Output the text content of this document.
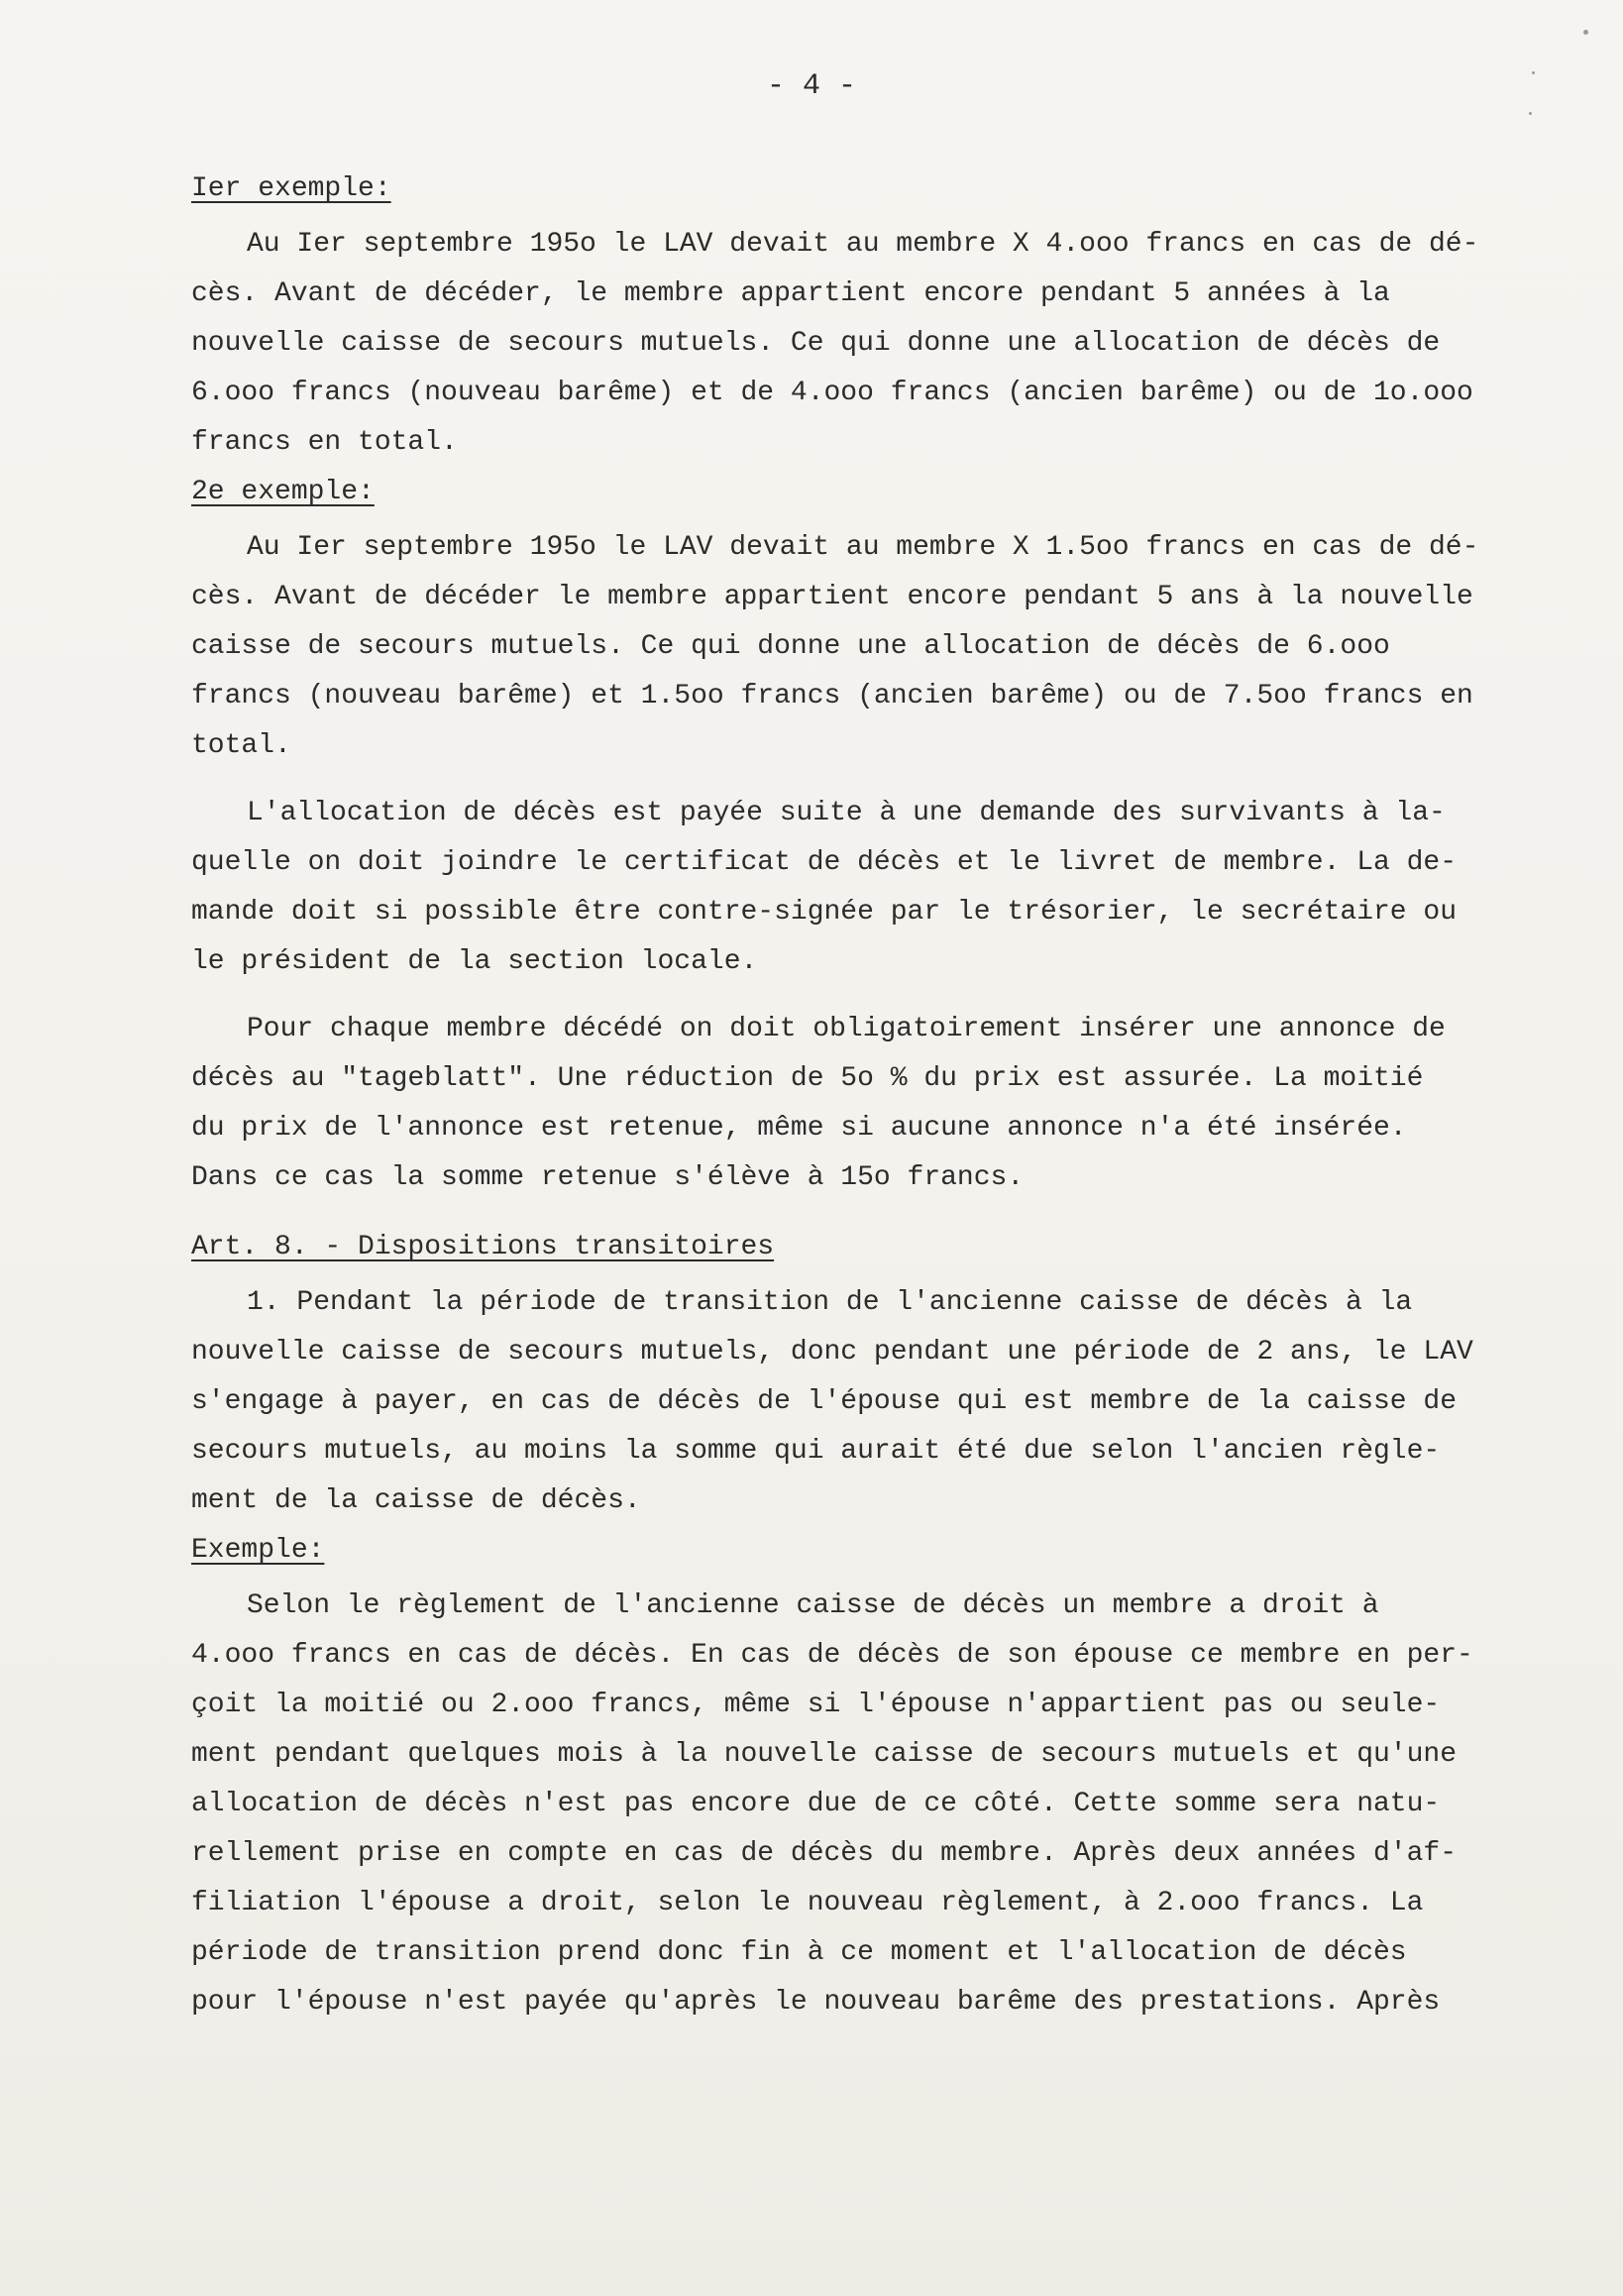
- 4 -
Ier exemple:
Au Ier septembre 195o le LAV devait au membre X 4.ooo francs en cas de dé-
cès. Avant de décéder, le membre appartient encore pendant 5 années à la
nouvelle caisse de secours mutuels. Ce qui donne une allocation de décès de
6.ooo francs (nouveau barême) et de 4.ooo francs (ancien barême) ou de 1o.ooo
francs en total.
2e exemple:
Au Ier septembre 195o le LAV devait au membre X 1.5oo francs en cas de dé-
cès. Avant de décéder le membre appartient encore pendant 5 ans à la nouvelle
caisse de secours mutuels. Ce qui donne une allocation de décès de 6.ooo
francs (nouveau barême) et 1.5oo francs (ancien barême) ou de 7.5oo francs en
total.
L'allocation de décès est payée suite à une demande des survivants à la-
quelle on doit joindre le certificat de décès et le livret de membre. La de-
mande doit si possible être contre-signée par le trésorier, le secrétaire ou
le président de la section locale.
Pour chaque membre décédé on doit obligatoirement insérer une annonce de
décès au "tageblatt". Une réduction de 5o % du prix est assurée. La moitié
du prix de l'annonce est retenue, même si aucune annonce n'a été insérée.
Dans ce cas la somme retenue s'élève à 15o francs.
Art. 8. - Dispositions transitoires
1. Pendant la période de transition de l'ancienne caisse de décès à la
nouvelle caisse de secours mutuels, donc pendant une période de 2 ans, le LAV
s'engage à payer, en cas de décès de l'épouse qui est membre de la caisse de
secours mutuels, au moins la somme qui aurait été due selon l'ancien règle-
ment de la caisse de décès.
Exemple:
Selon le règlement de l'ancienne caisse de décès un membre a droit à
4.ooo francs en cas de décès. En cas de décès de son épouse ce membre en per-
çoit la moitié ou 2.ooo francs, même si l'épouse n'appartient pas ou seule-
ment pendant quelques mois à la nouvelle caisse de secours mutuels et qu'une
allocation de décès n'est pas encore due de ce côté. Cette somme sera natu-
rellement prise en compte en cas de décès du membre. Après deux années d'af-
filiation l'épouse a droit, selon le nouveau règlement, à 2.ooo francs. La
période de transition prend donc fin à ce moment et l'allocation de décès
pour l'épouse n'est payée qu'après le nouveau barême des prestations. Après
